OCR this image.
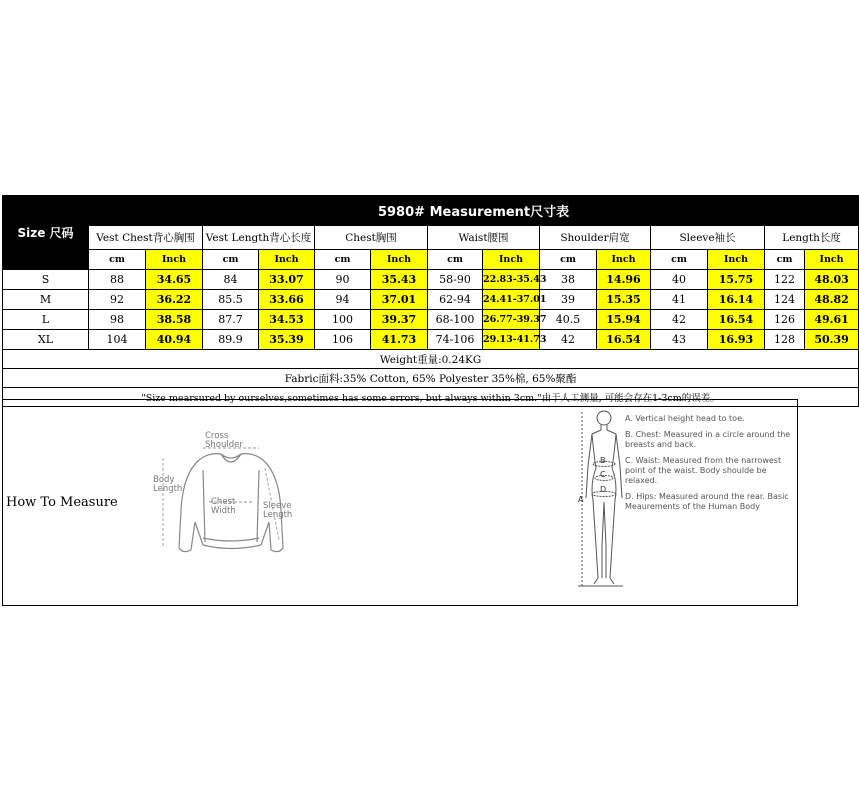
Size 尺码	5980# Measurement尺寸表													
	Vest Chest背心胸围		Vest Length背心长度		Chest胸围		Waist腰围		Shoulder肩宽		Sleeve袖长		Length长度	
	cm	Inch	cm	Inch	cm	Inch	cm	Inch	cm	Inch	cm	Inch	cm	Inch
S	88	34.65	84	33.07	90	35.43	58-90	22.83-35.43	38	14.96	40	15.75	122	48.03
M	92	36.22	85.5	33.66	94	37.01	62-94	24.41-37.01	39	15.35	41	16.14	124	48.82
L	98	38.58	87.7	34.53	100	39.37	68-100	26.77-39.37	40.5	15.94	42	16.54	126	49.61
XL	104	40.94	89.9	35.39	106	41.73	74-106	29.13-41.73	42	16.54	43	16.93	128	50.39
Weight重量:0.24KG														
Fabric面料:35% Cotton, 65% Polyester 35%棉, 65%聚酯														
"Size mearsured by ourselves,sometimes has some errors, but always within 3cm."由于人工测量, 可能会存在1-3cm的误差。														
How To Measure
Cross
Shoulder
Body
Length
Chest
Width	Sleeve
Length
A
B
C
D
A. Vertical height head to toe.
B. Chest: Measured in a circle around the breasts and back.
C. Waist: Measured from the narrowest point of the waist. Body shoulde be relaxed.
D. Hips: Measured around the rear. Basic Meaurements of the Human Body
